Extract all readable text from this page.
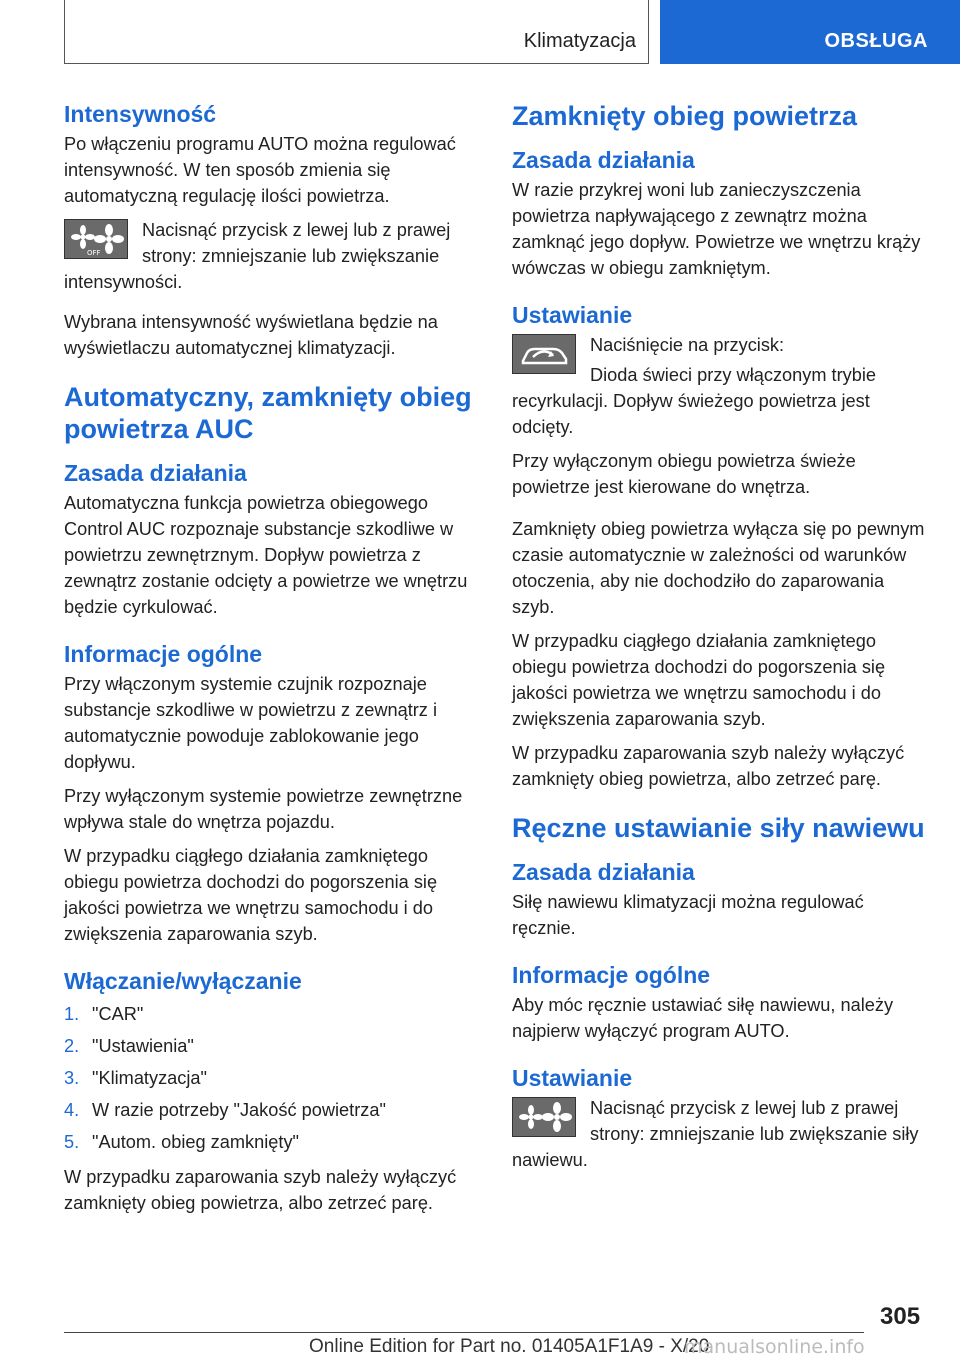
Klimatyzacja	OBSŁUGA
Intensywność

Po włączeniu programu AUTO można regulować intensywność. W ten sposób zmienia się automatyczną regulację ilości powietrza.

OFF

Nacisnąć przycisk z lewej lub z prawej strony: zmniejszanie lub zwiększanie intensywności.

Wybrana intensywność wyświetlana będzie na wyświetlaczu automatycznej klimatyzacji.

Automatyczny, zamknięty obieg powietrza AUC
Zasada działania

Automatyczna funkcja powietrza obiegowego Control AUC rozpoznaje substancje szkodliwe w powietrzu zewnętrznym. Dopływ powietrza z zewnątrz zostanie odcięty a powietrze we wnętrzu będzie cyrkulować.

Informacje ogólne

Przy włączonym systemie czujnik rozpoznaje substancje szkodliwe w powietrzu z zewnątrz i automatycznie powoduje zablokowanie jego dopływu.

Przy wyłączonym systemie powietrze zewnętrzne wpływa stale do wnętrza pojazdu.

W przypadku ciągłego działania zamkniętego obiegu powietrza dochodzi do pogorszenia się jakości powietrza we wnętrzu samochodu i do zwiększenia zaparowania szyb.

Włączanie/wyłączanie
1. "CAR"
2. "Ustawienia"
3. "Klimatyzacja"
4. W razie potrzeby "Jakość powietrza"
5. "Autom. obieg zamknięty"

W przypadku zaparowania szyb należy wyłączyć zamknięty obieg powietrza, albo zetrzeć parę.

Zamknięty obieg powietrza
Zasada działania

W razie przykrej woni lub zanieczyszczenia powietrza napływającego z zewnątrz można zamknąć jego dopływ. Powietrze we wnętrzu krąży wówczas w obiegu zamkniętym.

Ustawianie

Naciśnięcie na przycisk:

Dioda świeci przy włączonym trybie recyrkulacji. Dopływ świeżego powietrza jest odcięty.

Przy wyłączonym obiegu powietrza świeże powietrze jest kierowane do wnętrza.

Zamknięty obieg powietrza wyłącza się po pewnym czasie automatycznie w zależności od warunków otoczenia, aby nie dochodziło do zaparowania szyb.

W przypadku ciągłego działania zamkniętego obiegu powietrza dochodzi do pogorszenia się jakości powietrza we wnętrzu samochodu i do zwiększenia zaparowania szyb.

W przypadku zaparowania szyb należy wyłączyć zamknięty obieg powietrza, albo zetrzeć parę.

Ręczne ustawianie siły nawiewu
Zasada działania

Siłę nawiewu klimatyzacji można regulować ręcznie.

Informacje ogólne

Aby móc ręcznie ustawiać siłę nawiewu, należy najpierw wyłączyć program AUTO.

Ustawianie

Nacisnąć przycisk z lewej lub z prawej strony: zmniejszanie lub zwiększanie siły nawiewu.

305
Online Edition for Part no. 01405A1F1A9 - X/20
manualsonline.info
